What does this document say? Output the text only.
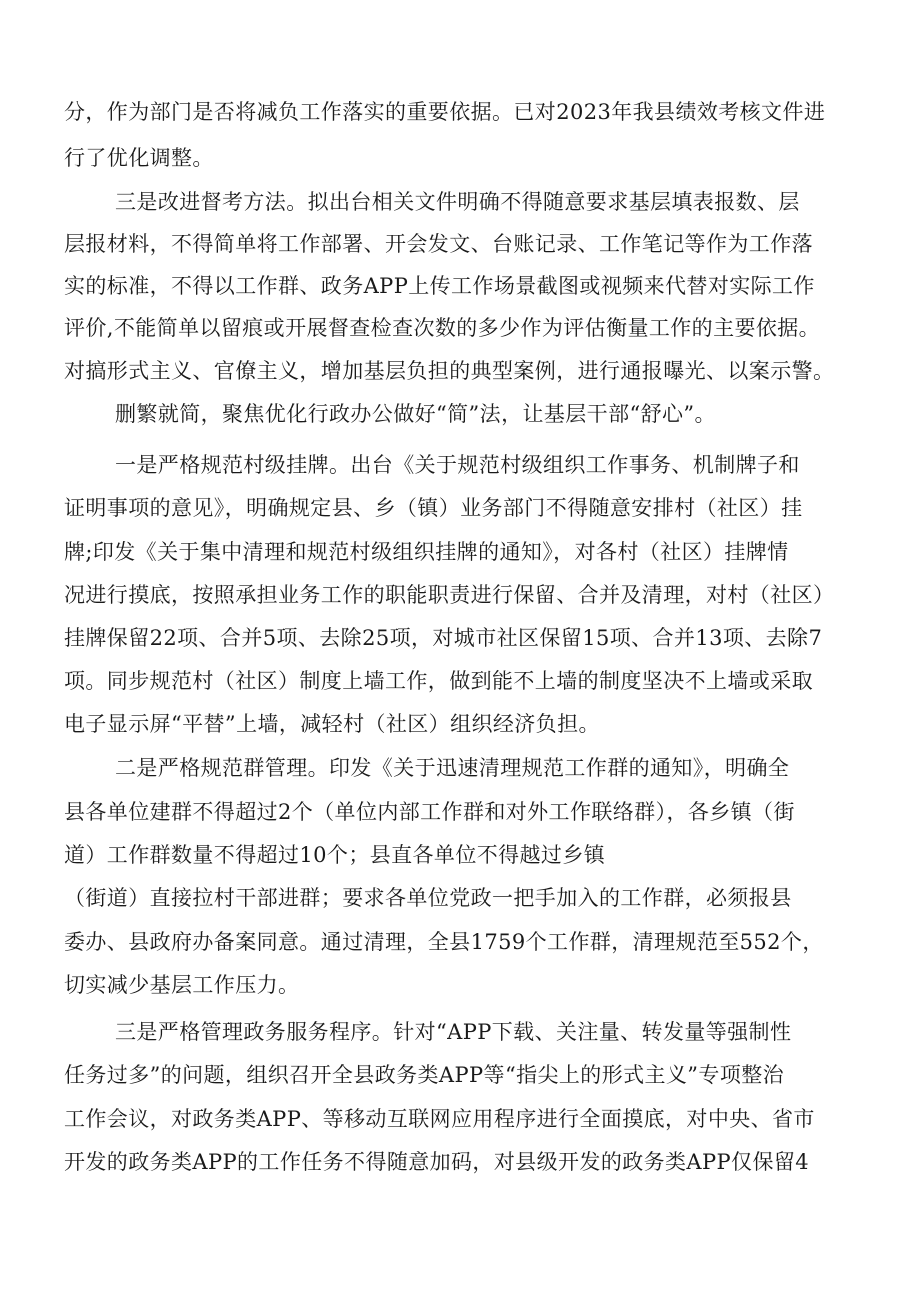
分，作为部门是否将减负工作落实的重要依据。已对2023年我县绩效考核文件进
行了优化调整。
三是改进督考方法。拟出台相关文件明确不得随意要求基层填表报数、层
层报材料，不得简单将工作部署、开会发文、台账记录、工作笔记等作为工作落
实的标准，不得以工作群、政务APP上传工作场景截图或视频来代替对实际工作
评价,不能简单以留痕或开展督查检查次数的多少作为评估衡量工作的主要依据。
对搞形式主义、官僚主义，增加基层负担的典型案例，进行通报曝光、以案示警。
删繁就简，聚焦优化行政办公做好“简”法，让基层干部“舒心”。
一是严格规范村级挂牌。出台《关于规范村级组织工作事务、机制牌子和
证明事项的意见》，明确规定县、乡（镇）业务部门不得随意安排村（社区）挂
牌;印发《关于集中清理和规范村级组织挂牌的通知》，对各村（社区）挂牌情
况进行摸底，按照承担业务工作的职能职责进行保留、合并及清理，对村（社区）
挂牌保留22项、合并5项、去除25项，对城市社区保留15项、合并13项、去除7
项。同步规范村（社区）制度上墙工作，做到能不上墙的制度坚决不上墙或采取
电子显示屏“平替”上墙，减轻村（社区）组织经济负担。
二是严格规范群管理。印发《关于迅速清理规范工作群的通知》，明确全
县各单位建群不得超过2个（单位内部工作群和对外工作联络群），各乡镇（街
道）工作群数量不得超过10个；县直各单位不得越过乡镇
（街道）直接拉村干部进群；要求各单位党政一把手加入的工作群，必须报县
委办、县政府办备案同意。通过清理，全县1759个工作群，清理规范至552个，
切实减少基层工作压力。
三是严格管理政务服务程序。针对“APP下载、关注量、转发量等强制性
任务过多”的问题，组织召开全县政务类APP等“指尖上的形式主义”专项整治
工作会议，对政务类APP、等移动互联网应用程序进行全面摸底，对中央、省市
开发的政务类APP的工作任务不得随意加码，对县级开发的政务类APP仅保留4
